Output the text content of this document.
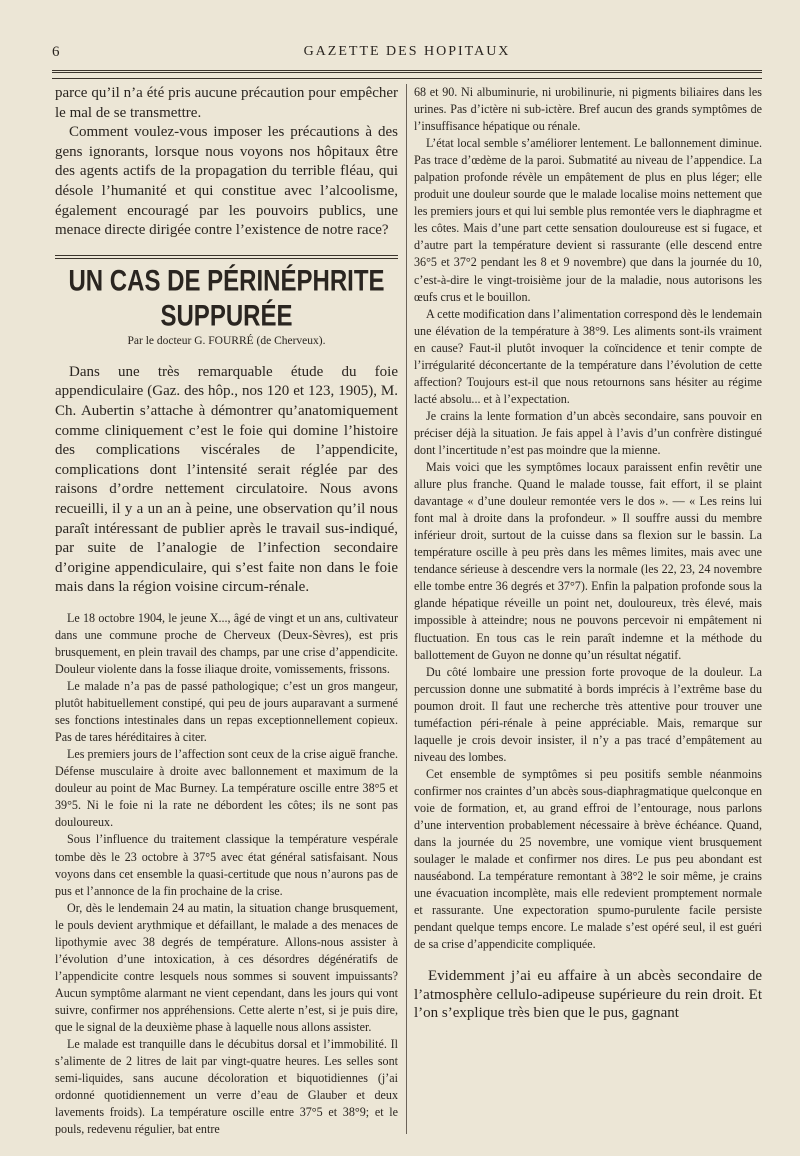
6	GAZETTE DES HOPITAUX

parce qu’il n’a été pris aucune précaution pour empêcher le mal de se transmettre.

Comment voulez-vous imposer les précautions à des gens ignorants, lorsque nous voyons nos hôpitaux être des agents actifs de la propagation du terrible fléau, qui désole l’humanité et qui constitue avec l’alcoolisme, également encouragé par les pouvoirs publics, une menace directe dirigée contre l’existence de notre race?

UN CAS DE PÉRINÉPHRITE SUPPURÉE
Par le docteur G. FOURRÉ (de Cherveux).

Dans une très remarquable étude du foie appendiculaire (Gaz. des hôp., nos 120 et 123, 1905), M. Ch. Aubertin s’attache à démontrer qu’anatomiquement comme cliniquement c’est le foie qui domine l’histoire des complications viscérales de l’appendicite, complications dont l’intensité serait réglée par des raisons d’ordre nettement circulatoire. Nous avons recueilli, il y a un an à peine, une observation qu’il nous paraît intéressant de publier après le travail sus-indiqué, par suite de l’analogie de l’infection secondaire d’origine appendiculaire, qui s’est faite non dans le foie mais dans la région voisine circum-rénale.

Le 18 octobre 1904, le jeune X..., âgé de vingt et un ans, cultivateur dans une commune proche de Cherveux (Deux-Sèvres), est pris brusquement, en plein travail des champs, par une crise d’appendicite. Douleur violente dans la fosse iliaque droite, vomissements, frissons.

Le malade n’a pas de passé pathologique; c’est un gros mangeur, plutôt habituellement constipé, qui peu de jours auparavant a surmené ses fonctions intestinales dans un repas exceptionnellement copieux. Pas de tares héréditaires à citer.

Les premiers jours de l’affection sont ceux de la crise aiguë franche. Défense musculaire à droite avec ballonnement et maximum de la douleur au point de Mac Burney. La température oscille entre 38°5 et 39°5. Ni le foie ni la rate ne débordent les côtes; ils ne sont pas douloureux.

Sous l’influence du traitement classique la température vespérale tombe dès le 23 octobre à 37°5 avec état général satisfaisant. Nous voyons dans cet ensemble la quasi-certitude que nous n’aurons pas de pus et l’annonce de la fin prochaine de la crise.

Or, dès le lendemain 24 au matin, la situation change brusquement, le pouls devient arythmique et défaillant, le malade a des menaces de lipothymie avec 38 degrés de température. Allons-nous assister à l’évolution d’une intoxication, à ces désordres dégénératifs de l’appendicite contre lesquels nous sommes si souvent impuissants? Aucun symptôme alarmant ne vient cependant, dans les jours qui vont suivre, confirmer nos appréhensions. Cette alerte n’est, si je puis dire, que le signal de la deuxième phase à laquelle nous allons assister.

Le malade est tranquille dans le décubitus dorsal et l’immobilité. Il s’alimente de 2 litres de lait par vingt-quatre heures. Les selles sont semi-liquides, sans aucune décoloration et biquotidiennes (j’ai ordonné quotidiennement un verre d’eau de Glauber et deux lavements froids). La température oscille entre 37°5 et 38°9; et le pouls, redevenu régulier, bat entre

68 et 90. Ni albuminurie, ni urobilinurie, ni pigments biliaires dans les urines. Pas d’ictère ni sub-ictère. Bref aucun des grands symptômes de l’insuffisance hépatique ou rénale.

L’état local semble s’améliorer lentement. Le ballonnement diminue. Pas trace d’œdème de la paroi. Submatité au niveau de l’appendice. La palpation profonde révèle un empâtement de plus en plus léger; elle produit une douleur sourde que le malade localise moins nettement que les premiers jours et qui lui semble plus remontée vers le diaphragme et les côtes. Mais d’une part cette sensation douloureuse est si fugace, et d’autre part la température devient si rassurante (elle descend entre 36°5 et 37°2 pendant les 8 et 9 novembre) que dans la journée du 10, c’est-à-dire le vingt-troisième jour de la maladie, nous autorisons les œufs crus et le bouillon.

A cette modification dans l’alimentation correspond dès le lendemain une élévation de la température à 38°9. Les aliments sont-ils vraiment en cause? Faut-il plutôt invoquer la coïncidence et tenir compte de l’irrégularité déconcertante de la température dans l’évolution de cette affection? Toujours est-il que nous retournons sans hésiter au régime lacté absolu... et à l’expectation.

Je crains la lente formation d’un abcès secondaire, sans pouvoir en préciser déjà la situation. Je fais appel à l’avis d’un confrère distingué dont l’incertitude n’est pas moindre que la mienne.

Mais voici que les symptômes locaux paraissent enfin revêtir une allure plus franche. Quand le malade tousse, fait effort, il se plaint davantage « d’une douleur remontée vers le dos ». — « Les reins lui font mal à droite dans la profondeur. » Il souffre aussi du membre inférieur droit, surtout de la cuisse dans sa flexion sur le bassin. La température oscille à peu près dans les mêmes limites, mais avec une tendance sérieuse à descendre vers la normale (les 22, 23, 24 novembre elle tombe entre 36 degrés et 37°7). Enfin la palpation profonde sous la glande hépatique réveille un point net, douloureux, très élevé, mais impossible à atteindre; nous ne pouvons percevoir ni empâtement ni fluctuation. En tous cas le rein paraît indemne et la méthode du ballottement de Guyon ne donne qu’un résultat négatif.

Du côté lombaire une pression forte provoque de la douleur. La percussion donne une submatité à bords imprécis à l’extrême base du poumon droit. Il faut une recherche très attentive pour trouver une tuméfaction péri-rénale à peine appréciable. Mais, remarque sur laquelle je crois devoir insister, il n’y a pas tracé d’empâtement au niveau des lombes.

Cet ensemble de symptômes si peu positifs semble néanmoins confirmer nos craintes d’un abcès sous-diaphragmatique quelconque en voie de formation, et, au grand effroi de l’entourage, nous parlons d’une intervention probablement nécessaire à brève échéance. Quand, dans la journée du 25 novembre, une vomique vient brusquement soulager le malade et confirmer nos dires. Le pus peu abondant est nauséabond. La température remontant à 38°2 le soir même, je crains une évacuation incomplète, mais elle redevient promptement normale et rassurante. Une expectoration spumo-purulente facile persiste pendant quelque temps encore. Le malade s’est opéré seul, il est guéri de sa crise d’appendicite compliquée.

Evidemment j’ai eu affaire à un abcès secondaire de l’atmosphère cellulo-adipeuse supérieure du rein droit. Et l’on s’explique très bien que le pus, gagnant
